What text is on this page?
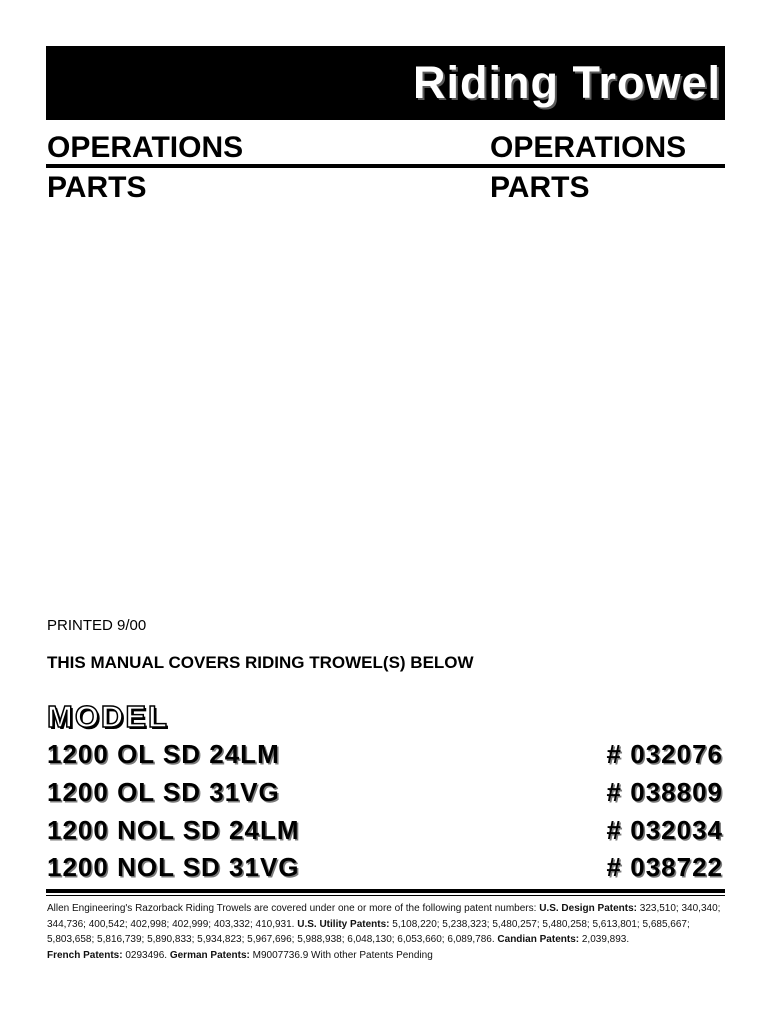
Riding Trowel
OPERATIONS	OPERATIONS
PARTS	PARTS
PRINTED 9/00
THIS MANUAL COVERS RIDING TROWEL(S) BELOW
MODEL
1200 OL SD 24LM	# 032076
1200 OL SD 31VG	# 038809
1200 NOL SD 24LM	# 032034
1200 NOL SD 31VG	# 038722
Allen Engineering's Razorback Riding Trowels are covered under one or more of the following patent numbers: U.S. Design Patents: 323,510; 340,340; 344,736; 400,542; 402,998; 402,999; 403,332; 410,931. U.S. Utility Patents: 5,108,220; 5,238,323; 5,480,257; 5,480,258; 5,613,801; 5,685,667; 5,803,658; 5,816,739; 5,890,833; 5,934,823; 5,967,696; 5,988,938; 6,048,130; 6,053,660; 6,089,786. Candian Patents: 2,039,893.
French Patents: 0293496. German Patents: M9007736.9 With other Patents Pending
